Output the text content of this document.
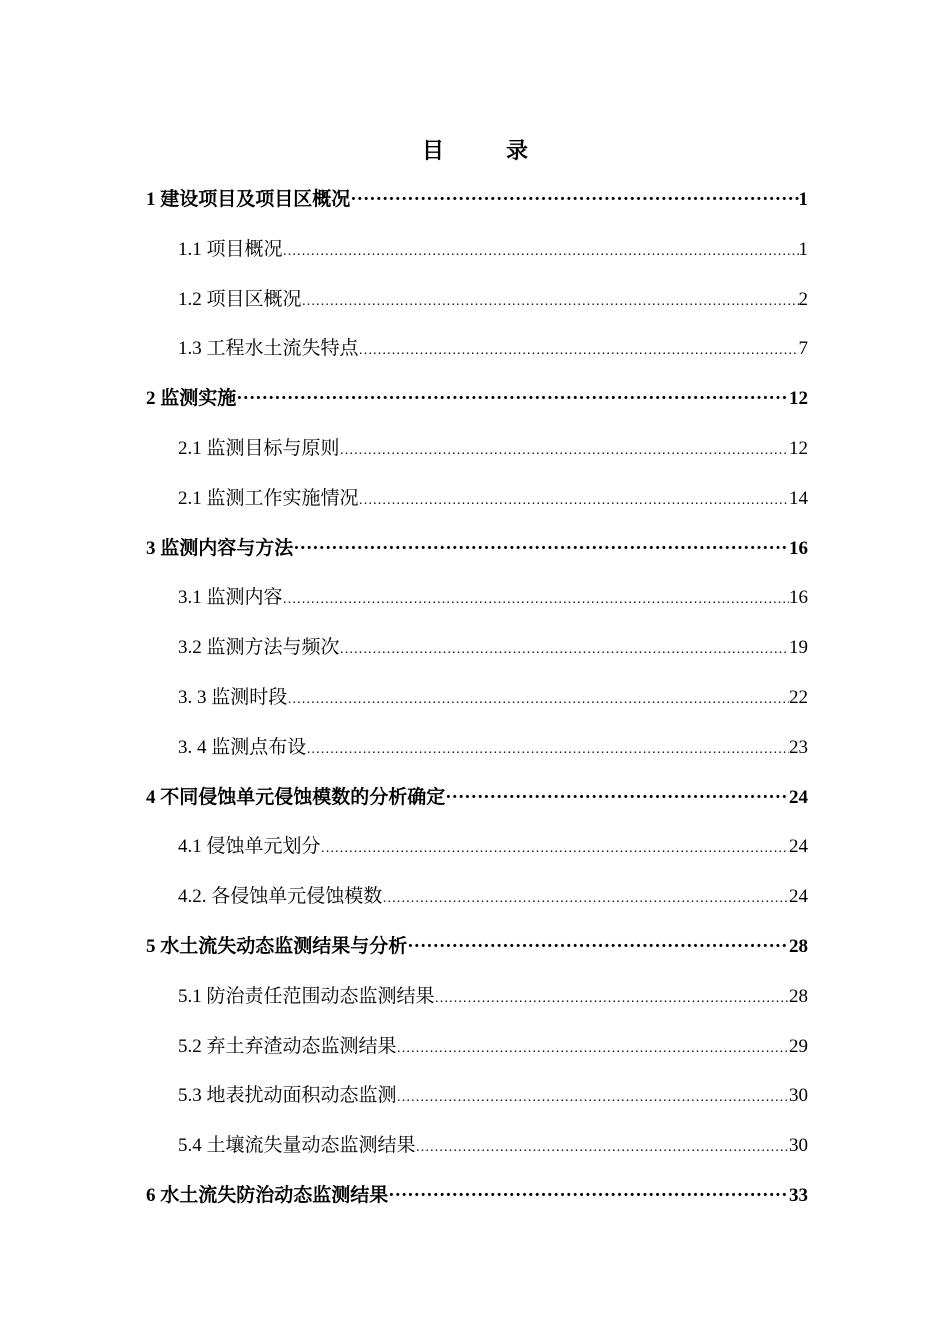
目	录
1 建设项目及项目区概况 ·····	1
1.1 项目概况 …………………………………………………………………………………………………………………………………………	1
1.2 项目区概况 …………………………………………………………………………………………………………………………………………	2
1.3 工程水土流失特点 …………………………………………………………………………………………………………………………………………	7
2 监测实施 ·····	12
2.1 监测目标与原则 …………………………………………………………………………………………………………………………………………	12
2.1 监测工作实施情况 …………………………………………………………………………………………………………………………………………	14
3 监测内容与方法 ·····	16
3.1 监测内容 …………………………………………………………………………………………………………………………………………	16
3.2 监测方法与频次 …………………………………………………………………………………………………………………………………………	19
3. 3 监测时段 …………………………………………………………………………………………………………………………………………	22
3. 4 监测点布设 …………………………………………………………………………………………………………………………………………	23
4 不同侵蚀单元侵蚀模数的分析确定 ·····	24
4.1 侵蚀单元划分 …………………………………………………………………………………………………………………………………………	24
4.2. 各侵蚀单元侵蚀模数 …………………………………………………………………………………………………………………………………………	24
5 水土流失动态监测结果与分析 ·····	28
5.1 防治责任范围动态监测结果 …………………………………………………………………………………………………………………………………………	28
5.2 弃土弃渣动态监测结果 …………………………………………………………………………………………………………………………………………	29
5.3 地表扰动面积动态监测 …………………………………………………………………………………………………………………………………………	30
5.4 土壤流失量动态监测结果 …………………………………………………………………………………………………………………………………………	30
6 水土流失防治动态监测结果 ·····	33
